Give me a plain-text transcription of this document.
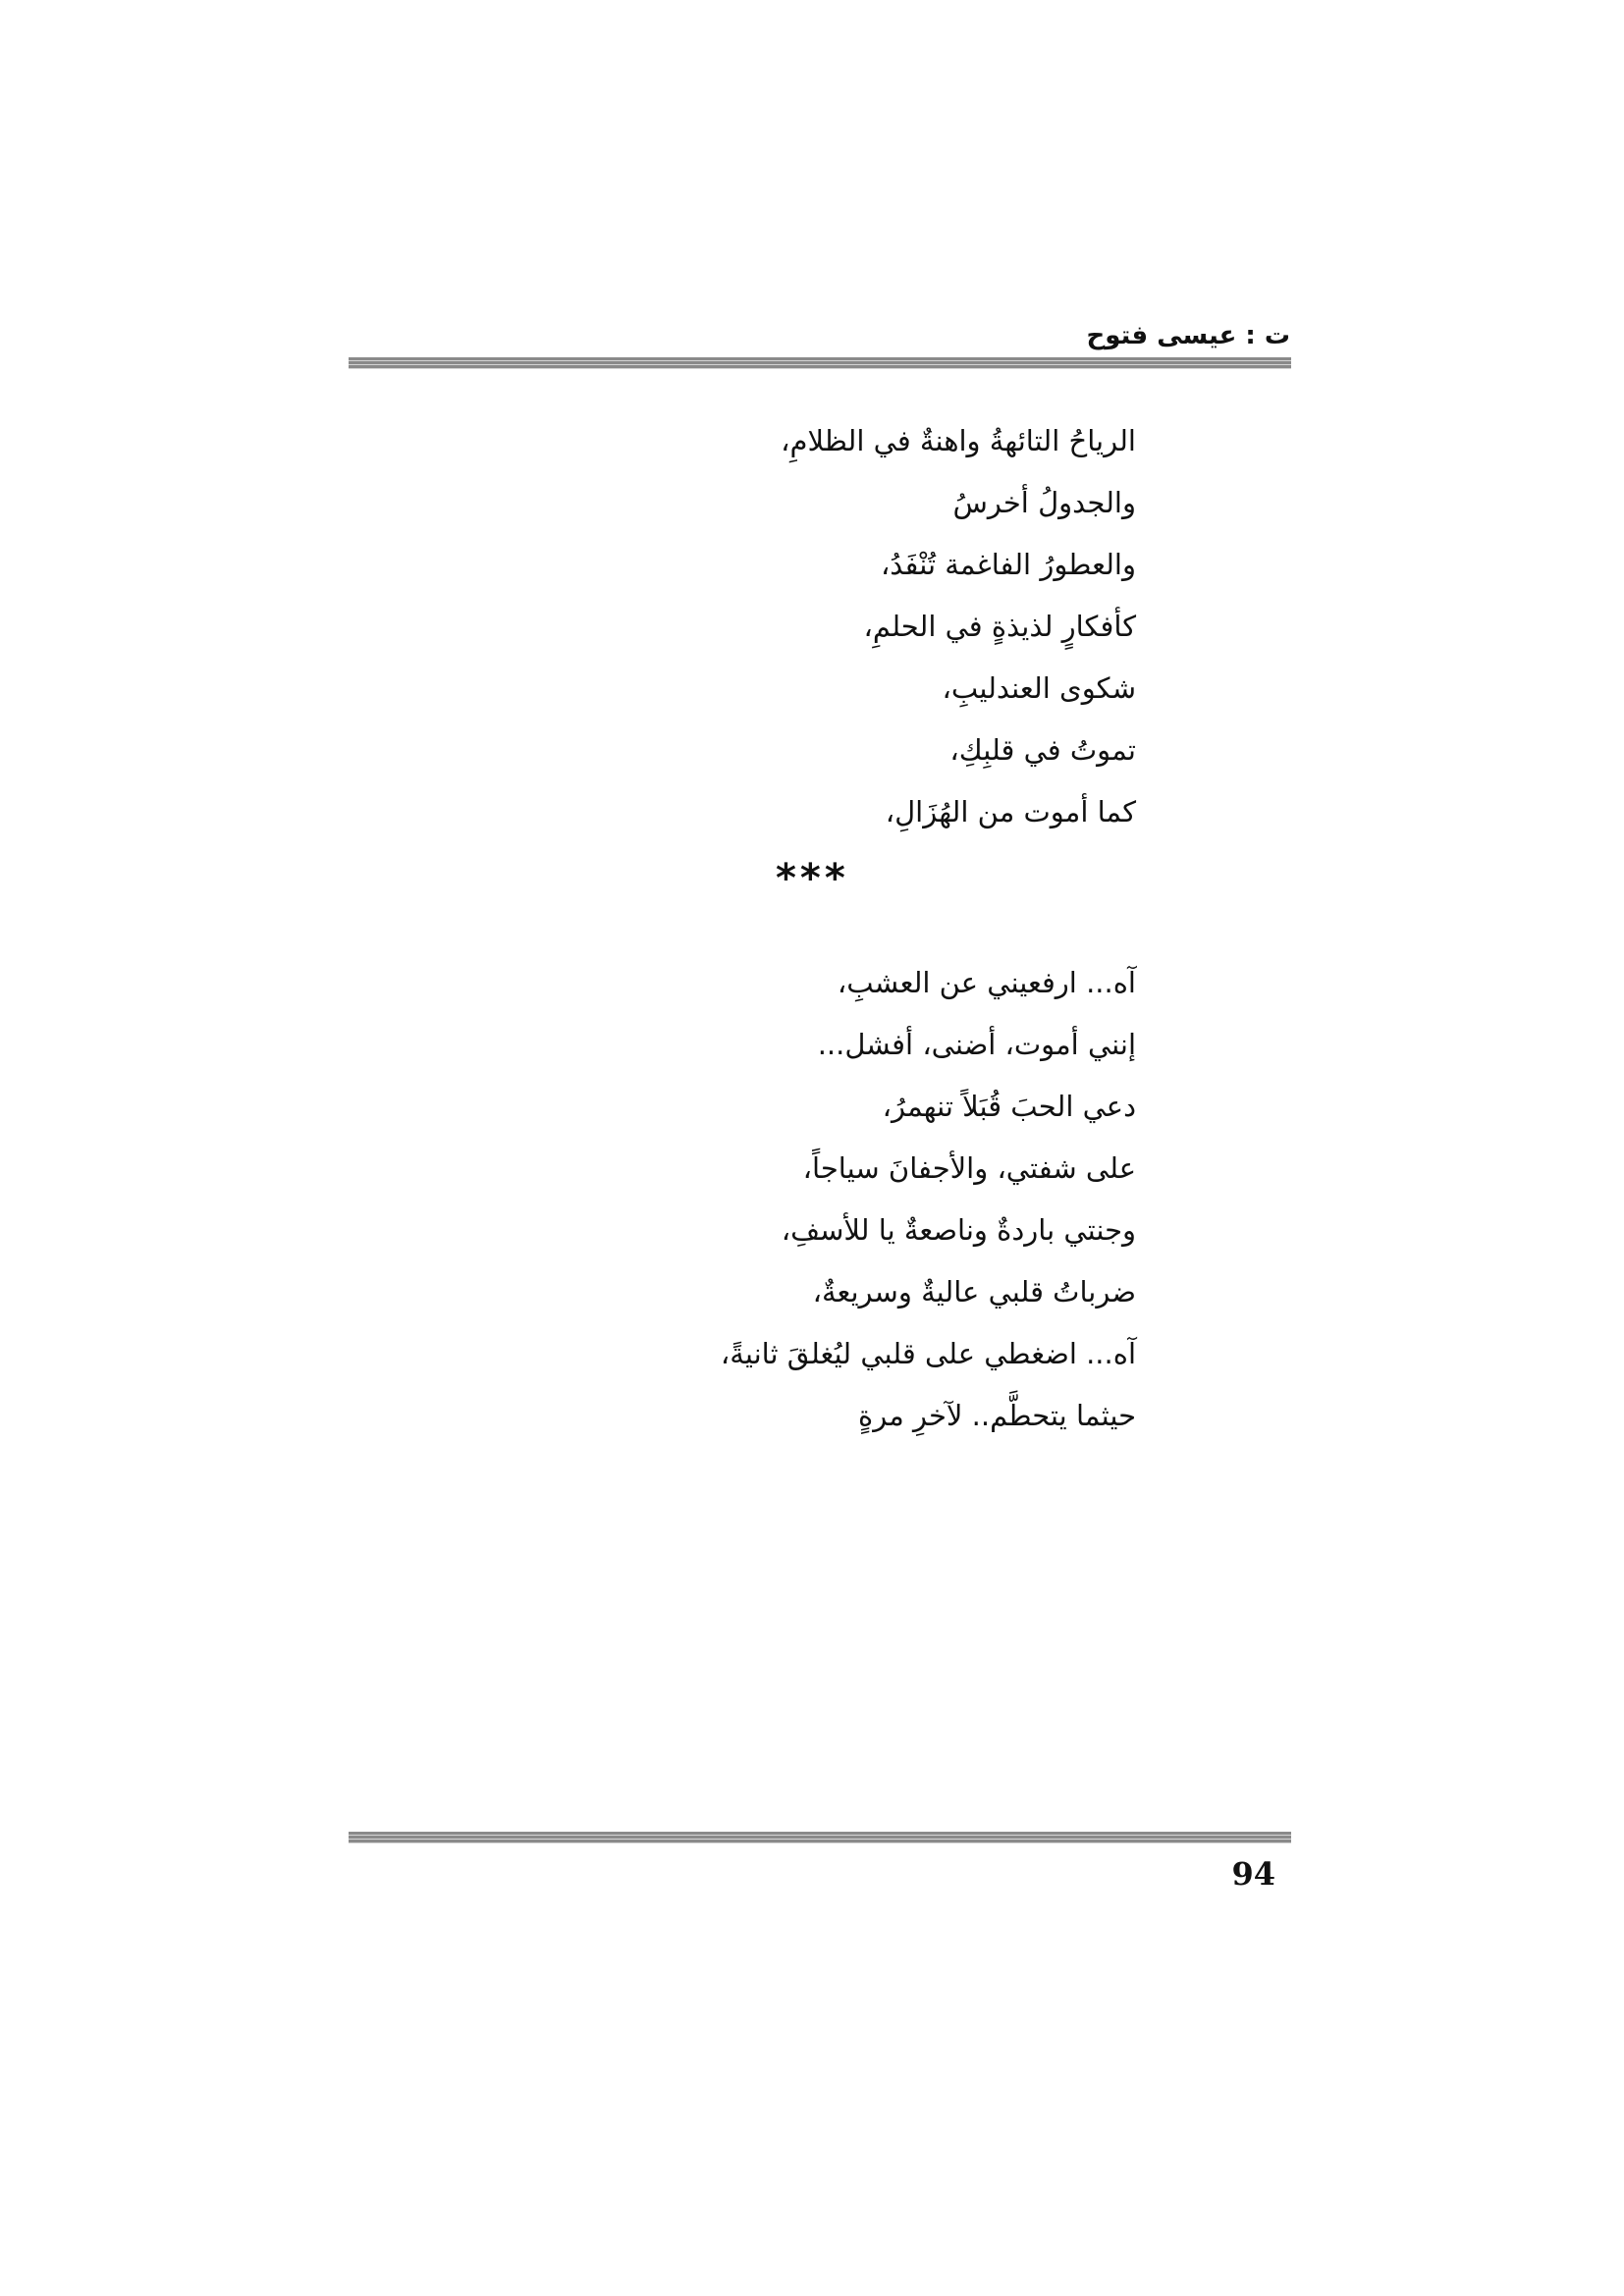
ت : عيسى فتوح
الرياحُ التائهةُ واهنةٌ في الظلامِ،
والجدولُ أخرسُ
والعطورُ الفاغمة تُنْفَدُ،
كأفكارٍ لذيذةٍ في الحلمِ،
شكوى العندليبِ،
تموتُ في قلبِكِ،
كما أموت من الهُزَالِ،
***
آه... ارفعيني عن العشبِ،
إنني أموت، أضنى، أفشل...
دعي الحبَ قُبَلاً تنهمرُ،
على شفتي، والأجفانَ سياجاً،
وجنتي باردةٌ وناصعةٌ يا للأسفِ،
ضرباتُ قلبي عاليةٌ وسريعةٌ،
آه... اضغطي على قلبي ليُغلقَ ثانيةً،
حيثما يتحطَّم.. لآخرِ مرةٍ
94
